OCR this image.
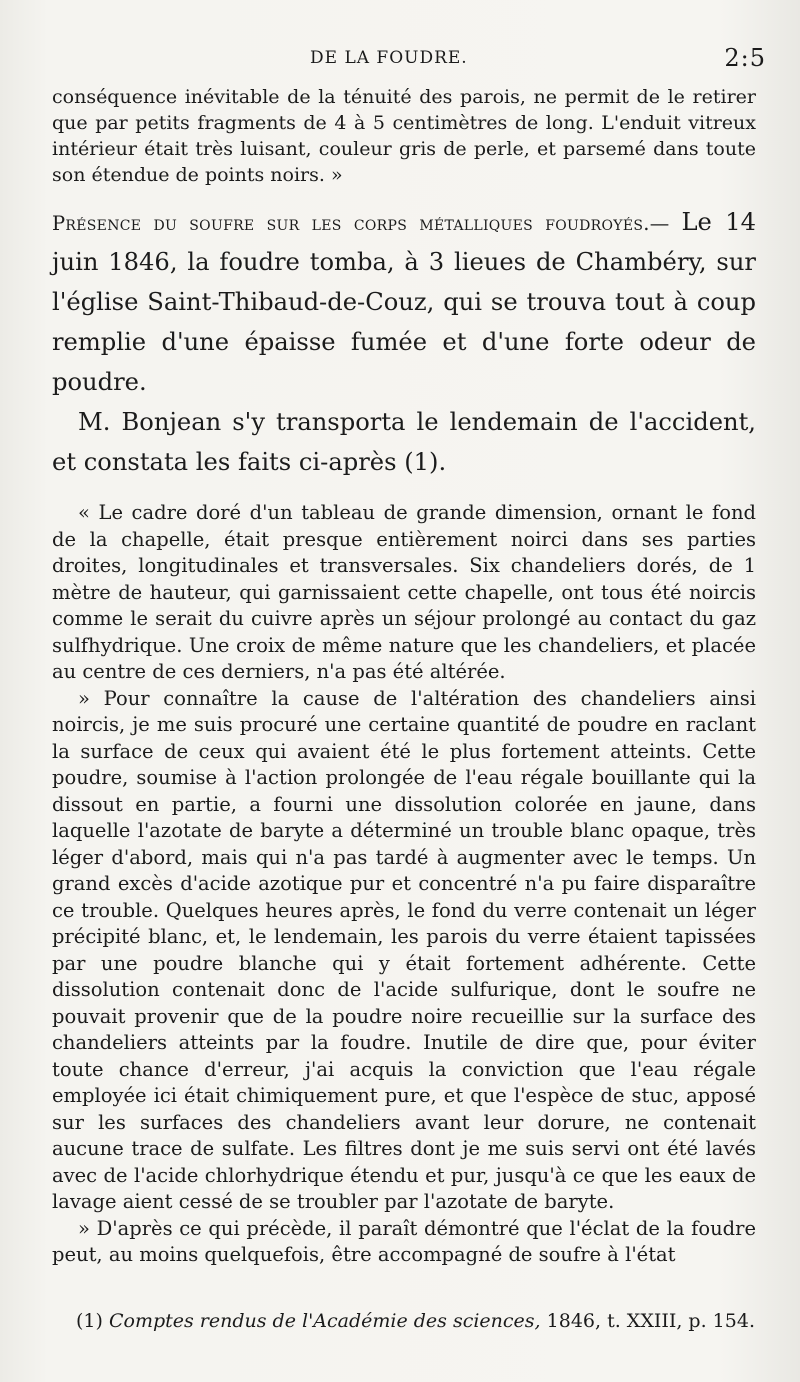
DE LA FOUDRE.	2:5

conséquence inévitable de la ténuité des parois, ne permit de le retirer que par petits fragments de 4 à 5 centimètres de long. L'enduit vitreux intérieur était très luisant, couleur gris de perle, et parsemé dans toute son étendue de points noirs. »

Présence du soufre sur les corps métalliques foudroyés.— Le 14 juin 1846, la foudre tomba, à 3 lieues de Chambéry, sur l'église Saint-Thibaud-de-Couz, qui se trouva tout à coup remplie d'une épaisse fumée et d'une forte odeur de poudre.

M. Bonjean s'y transporta le lendemain de l'accident, et constata les faits ci-après (1).

« Le cadre doré d'un tableau de grande dimension, ornant le fond de la chapelle, était presque entièrement noirci dans ses parties droites, longitudinales et transversales. Six chandeliers dorés, de 1 mètre de hauteur, qui garnissaient cette chapelle, ont tous été noircis comme le serait du cuivre après un séjour prolongé au contact du gaz sulfhydrique. Une croix de même nature que les chandeliers, et placée au centre de ces derniers, n'a pas été altérée.

» Pour connaître la cause de l'altération des chandeliers ainsi noircis, je me suis procuré une certaine quantité de poudre en raclant la surface de ceux qui avaient été le plus fortement atteints. Cette poudre, soumise à l'action prolongée de l'eau régale bouillante qui la dissout en partie, a fourni une dissolution colorée en jaune, dans laquelle l'azotate de baryte a déterminé un trouble blanc opaque, très léger d'abord, mais qui n'a pas tardé à augmenter avec le temps. Un grand excès d'acide azotique pur et concentré n'a pu faire disparaître ce trouble. Quelques heures après, le fond du verre contenait un léger précipité blanc, et, le lendemain, les parois du verre étaient tapissées par une poudre blanche qui y était fortement adhérente. Cette dissolution contenait donc de l'acide sulfurique, dont le soufre ne pouvait provenir que de la poudre noire recueillie sur la surface des chandeliers atteints par la foudre. Inutile de dire que, pour éviter toute chance d'erreur, j'ai acquis la conviction que l'eau régale employée ici était chimiquement pure, et que l'espèce de stuc, apposé sur les surfaces des chandeliers avant leur dorure, ne contenait aucune trace de sulfate. Les filtres dont je me suis servi ont été lavés avec de l'acide chlorhydrique étendu et pur, jusqu'à ce que les eaux de lavage aient cessé de se troubler par l'azotate de baryte.

» D'après ce qui précède, il paraît démontré que l'éclat de la foudre peut, au moins quelquefois, être accompagné de soufre à l'état

(1) Comptes rendus de l'Académie des sciences, 1846, t. XXIII, p. 154.
